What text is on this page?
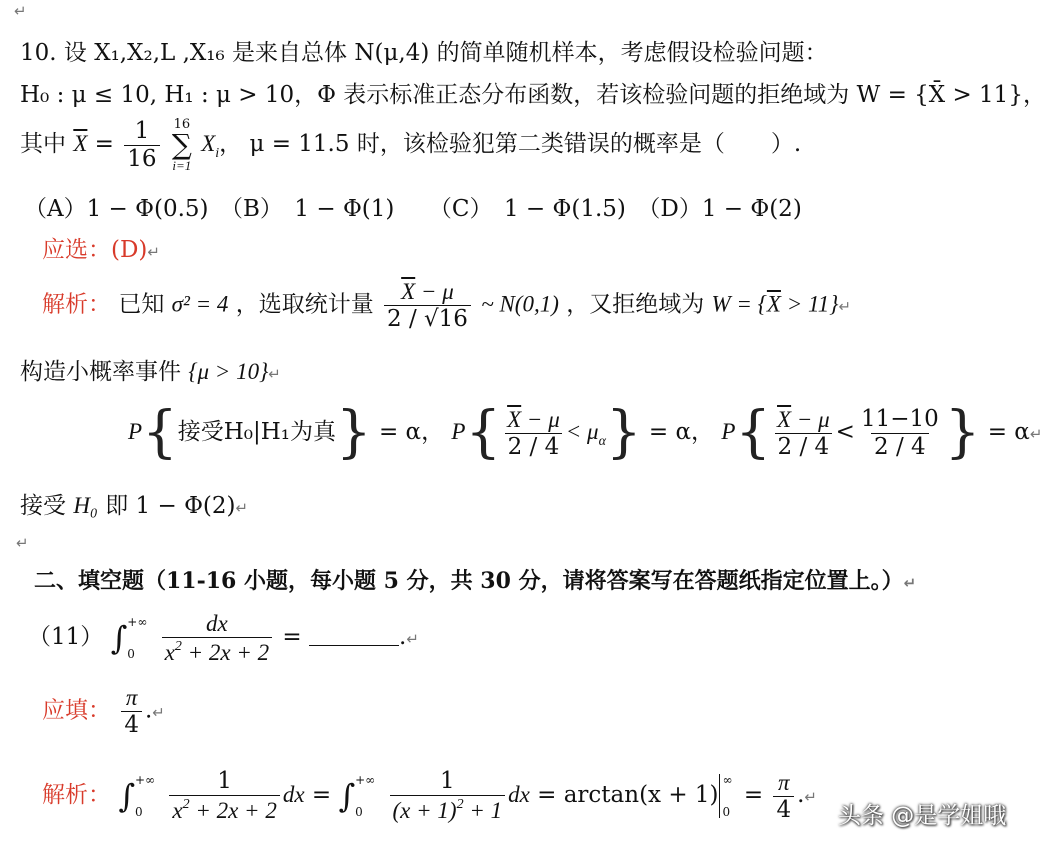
↵
10. 设 X₁,X₂,L ,X₁₆ 是来自总体 N(μ,4) 的简单随机样本，考虑假设检验问题：
H₀ : μ ≤ 10, H₁ : μ > 10，Φ 表示标准正态分布函数，若该检验问题的拒绝域为 W = {X̄ > 11}，
其中 $\overline{X} = \frac{1}{16}$
16
∑
i=1
$X_i$， μ = 11.5 时，该检验犯第二类错误的概率是（　　）.
（A）1 − Φ(0.5)　（B）　1 − Φ(1)　　（C）　1 − Φ(1.5)　（D）1 − Φ(2)
应选：(D)↵
解析： 已知 σ² = 4 ，选取统计量 $\frac{\overline{X} - \mu}{2 / √16}$ ~ N(0,1) ，又拒绝域为 $W = \{\overline{X}$ > 11}↵
构造小概率事件 {μ > 10}↵
P{接受H₀|H₁为真} = α， $P\{ \frac{\overline{X} - \mu}{2 / 4} < \mu_\alpha\} = \alpha$， $P\{ \frac{\overline{X} - \mu}{2 / 4} < \frac{11-10}{2 / 4}$ } = α↵
接受 H₀ 即 1 − Φ(2)↵
↵
二、填空题（11-16 小题，每小题 5 分，共 30 分，请将答案写在答题纸指定位置上。）↵
（11） ∫ +∞
0
	$\frac{dx}{x^2 + 2x + 2}$ =	.↵
应填： $\frac{\pi}{4}$ .↵
解析： ∫ +∞
0
	$\frac{1}{x^2 + 2x + 2}$ dx = ∫ +∞
0
	$\frac{1}{(x + 1)^2 + 1}$ dx = arctan(x + 1)
∞
0
= $\frac{\pi}{4}$ .↵
头条 @是学姐哦
